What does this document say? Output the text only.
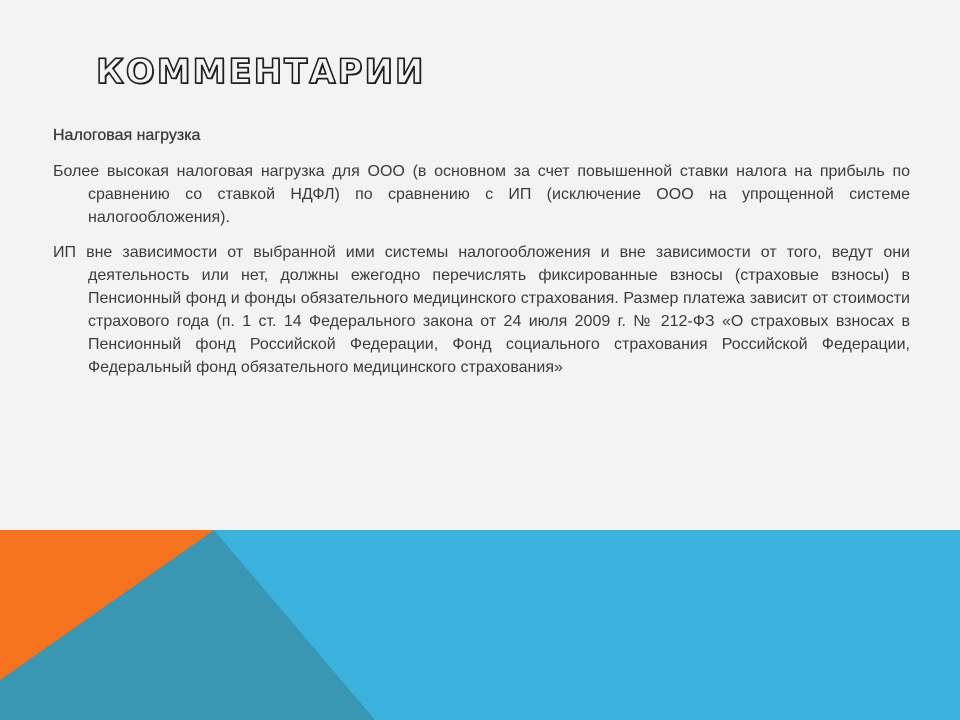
КОММЕНТАРИИ

Налоговая нагрузка

Более высокая налоговая нагрузка для ООО (в основном за счет повышенной ставки налога на прибыль по сравнению со ставкой НДФЛ) по сравнению с ИП (исключение ООО на упрощенной системе налогообложения).

ИП вне зависимости от выбранной ими системы налогообложения и вне зависимости от того, ведут они деятельность или нет, должны ежегодно перечислять фиксированные взносы (страховые взносы) в Пенсионный фонд и фонды обязательного медицинского страхования. Размер платежа зависит от стоимости страхового года (п. 1 ст. 14 Федерального закона от 24 июля 2009 г. № 212-ФЗ «О страховых взносах в Пенсионный фонд Российской Федерации, Фонд социального страхования Российской Федерации, Федеральный фонд обязательного медицинского страхования»
